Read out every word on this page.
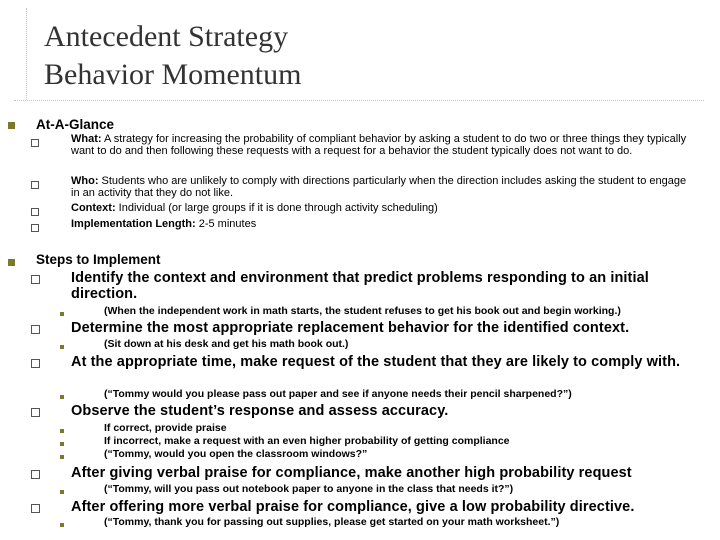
Antecedent Strategy
Behavior Momentum
At-A-Glance
What: A strategy for increasing the probability of compliant behavior by asking a student to do two or three things they typically want to do and then following these requests with a request for a behavior the student typically does not want to do.
Who: Students who are unlikely to comply with directions particularly when the direction includes asking the student to engage in an activity that they do not like.
Context: Individual (or large groups if it is done through activity scheduling)
Implementation Length: 2-5 minutes
Steps to Implement
Identify the context and environment that predict problems responding to an initial direction.
(When the independent work in math starts, the student refuses to get his book out and begin working.)
Determine the most appropriate replacement behavior for the identified context.
(Sit down at his desk and get his math book out.)
At the appropriate time, make request of the student that they are likely to comply with.
(“Tommy would you please pass out paper and see if anyone needs their pencil sharpened?”)
Observe the student’s response and assess accuracy.
If correct, provide praise
If incorrect, make a request with an even higher probability of getting compliance
(“Tommy, would you open the classroom windows?”
After giving verbal praise for compliance, make another high probability request
(“Tommy, will you pass out notebook paper to anyone in the class that needs it?”)
After offering more verbal praise for compliance, give a low probability directive.
(“Tommy, thank you for passing out supplies, please get started on your math worksheet.”)
